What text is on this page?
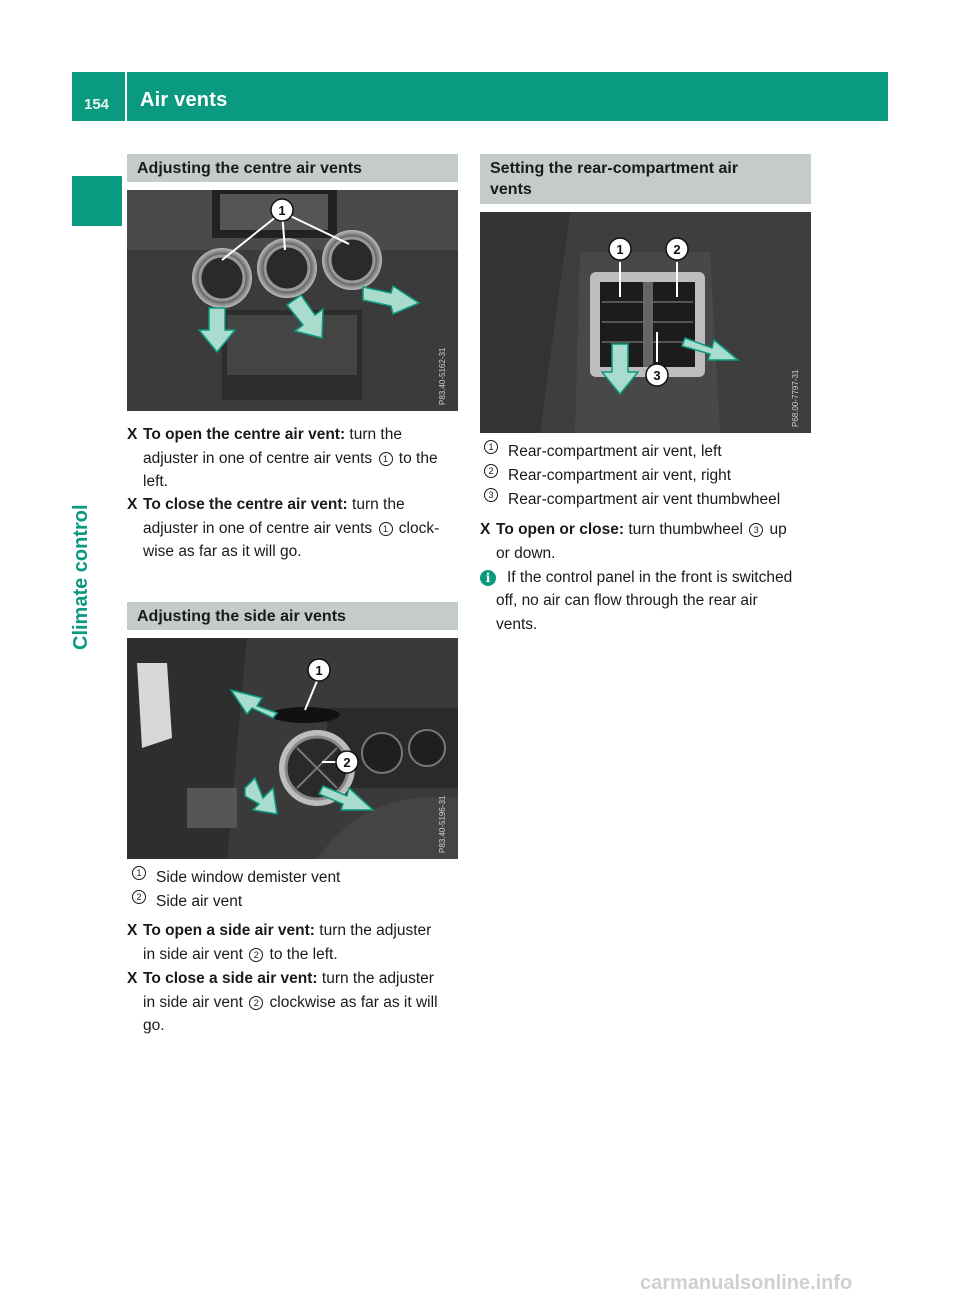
154 Air vents
Climate control
Adjusting the centre air vents
1
P83.40-5162-31
X To open the centre air vent: turn the
adjuster in one of centre air vents 1 to the
left.
X To close the centre air vent: turn the
adjuster in one of centre air vents 1 clock-
wise as far as it will go.
Adjusting the side air vents
1
2
P83.40-5196-31
1 Side window demister vent
2 Side air vent
X To open a side air vent: turn the adjuster
in side air vent 2 to the left.
X To close a side air vent: turn the adjuster
in side air vent 2 clockwise as far as it will
go.
Setting the rear-compartment air
vents
1	2
3	P68.00-7797-31
1 Rear-compartment air vent, left
2 Rear-compartment air vent, right
3 Rear-compartment air vent thumbwheel
X To open or close: turn thumbwheel 3 up
or down.
i	If the control panel in the front is switched
off, no air can flow through the rear air
vents.
carmanualsonline.info
